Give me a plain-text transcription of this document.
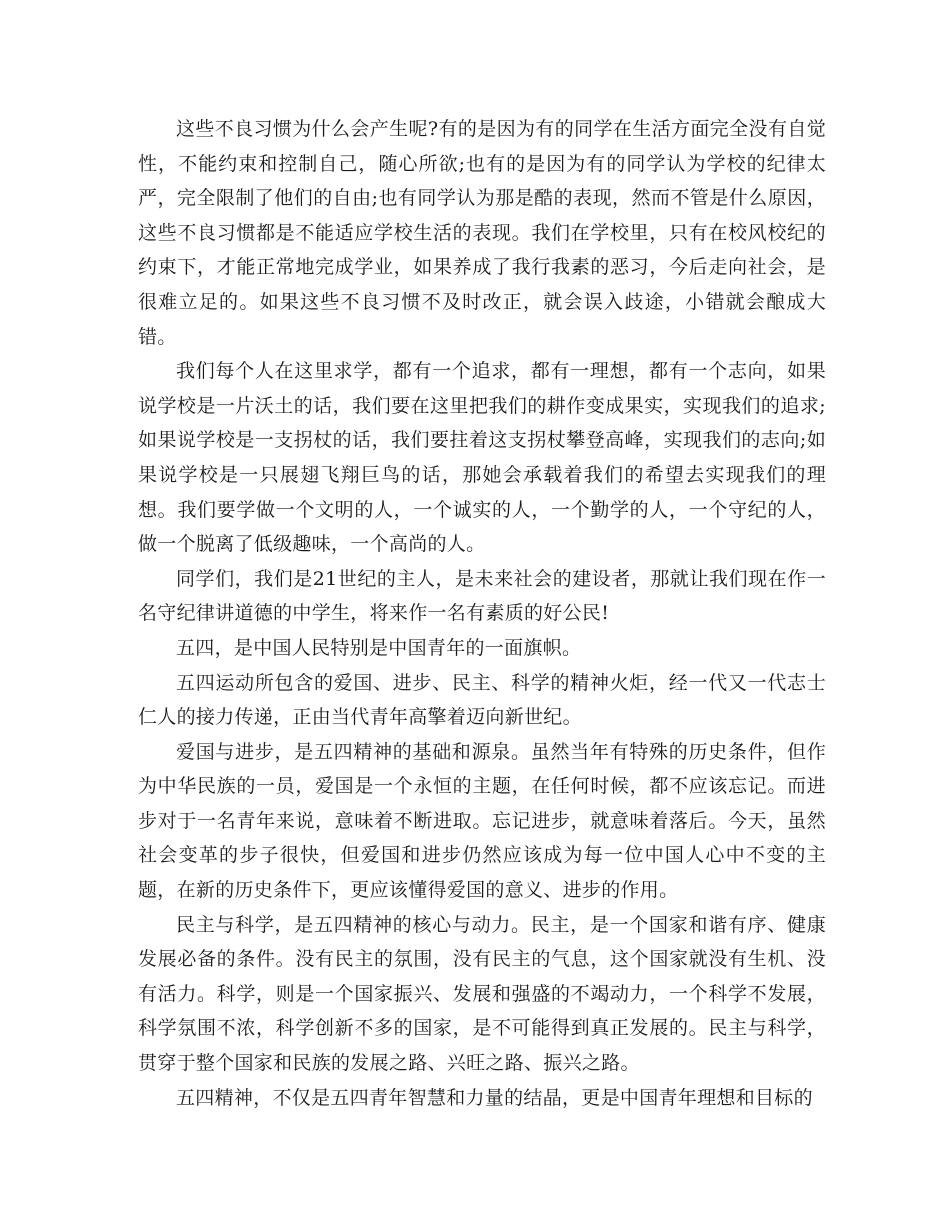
这些不良习惯为什么会产生呢?有的是因为有的同学在生活方面完全没有自觉性，不能约束和控制自己，随心所欲;也有的是因为有的同学认为学校的纪律太严，完全限制了他们的自由;也有同学认为那是酷的表现，然而不管是什么原因，这些不良习惯都是不能适应学校生活的表现。我们在学校里，只有在校风校纪的约束下，才能正常地完成学业，如果养成了我行我素的恶习，今后走向社会，是很难立足的。如果这些不良习惯不及时改正，就会误入歧途，小错就会酿成大错。

我们每个人在这里求学，都有一个追求，都有一理想，都有一个志向，如果说学校是一片沃土的话，我们要在这里把我们的耕作变成果实，实现我们的追求;如果说学校是一支拐杖的话，我们要拄着这支拐杖攀登高峰，实现我们的志向;如果说学校是一只展翅飞翔巨鸟的话，那她会承载着我们的希望去实现我们的理想。我们要学做一个文明的人，一个诚实的人，一个勤学的人，一个守纪的人，做一个脱离了低级趣味，一个高尚的人。

同学们，我们是21世纪的主人，是未来社会的建设者，那就让我们现在作一名守纪律讲道德的中学生，将来作一名有素质的好公民!

五四，是中国人民特别是中国青年的一面旗帜。

五四运动所包含的爱国、进步、民主、科学的精神火炬，经一代又一代志士仁人的接力传递，正由当代青年高擎着迈向新世纪。

爱国与进步，是五四精神的基础和源泉。虽然当年有特殊的历史条件，但作为中华民族的一员，爱国是一个永恒的主题，在任何时候，都不应该忘记。而进步对于一名青年来说，意味着不断进取。忘记进步，就意味着落后。今天，虽然社会变革的步子很快，但爱国和进步仍然应该成为每一位中国人心中不变的主题，在新的历史条件下，更应该懂得爱国的意义、进步的作用。

民主与科学，是五四精神的核心与动力。民主，是一个国家和谐有序、健康发展必备的条件。没有民主的氛围，没有民主的气息，这个国家就没有生机、没有活力。科学，则是一个国家振兴、发展和强盛的不竭动力，一个科学不发展，科学氛围不浓，科学创新不多的国家，是不可能得到真正发展的。民主与科学，贯穿于整个国家和民族的发展之路、兴旺之路、振兴之路。

五四精神，不仅是五四青年智慧和力量的结晶，更是中国青年理想和目标的
